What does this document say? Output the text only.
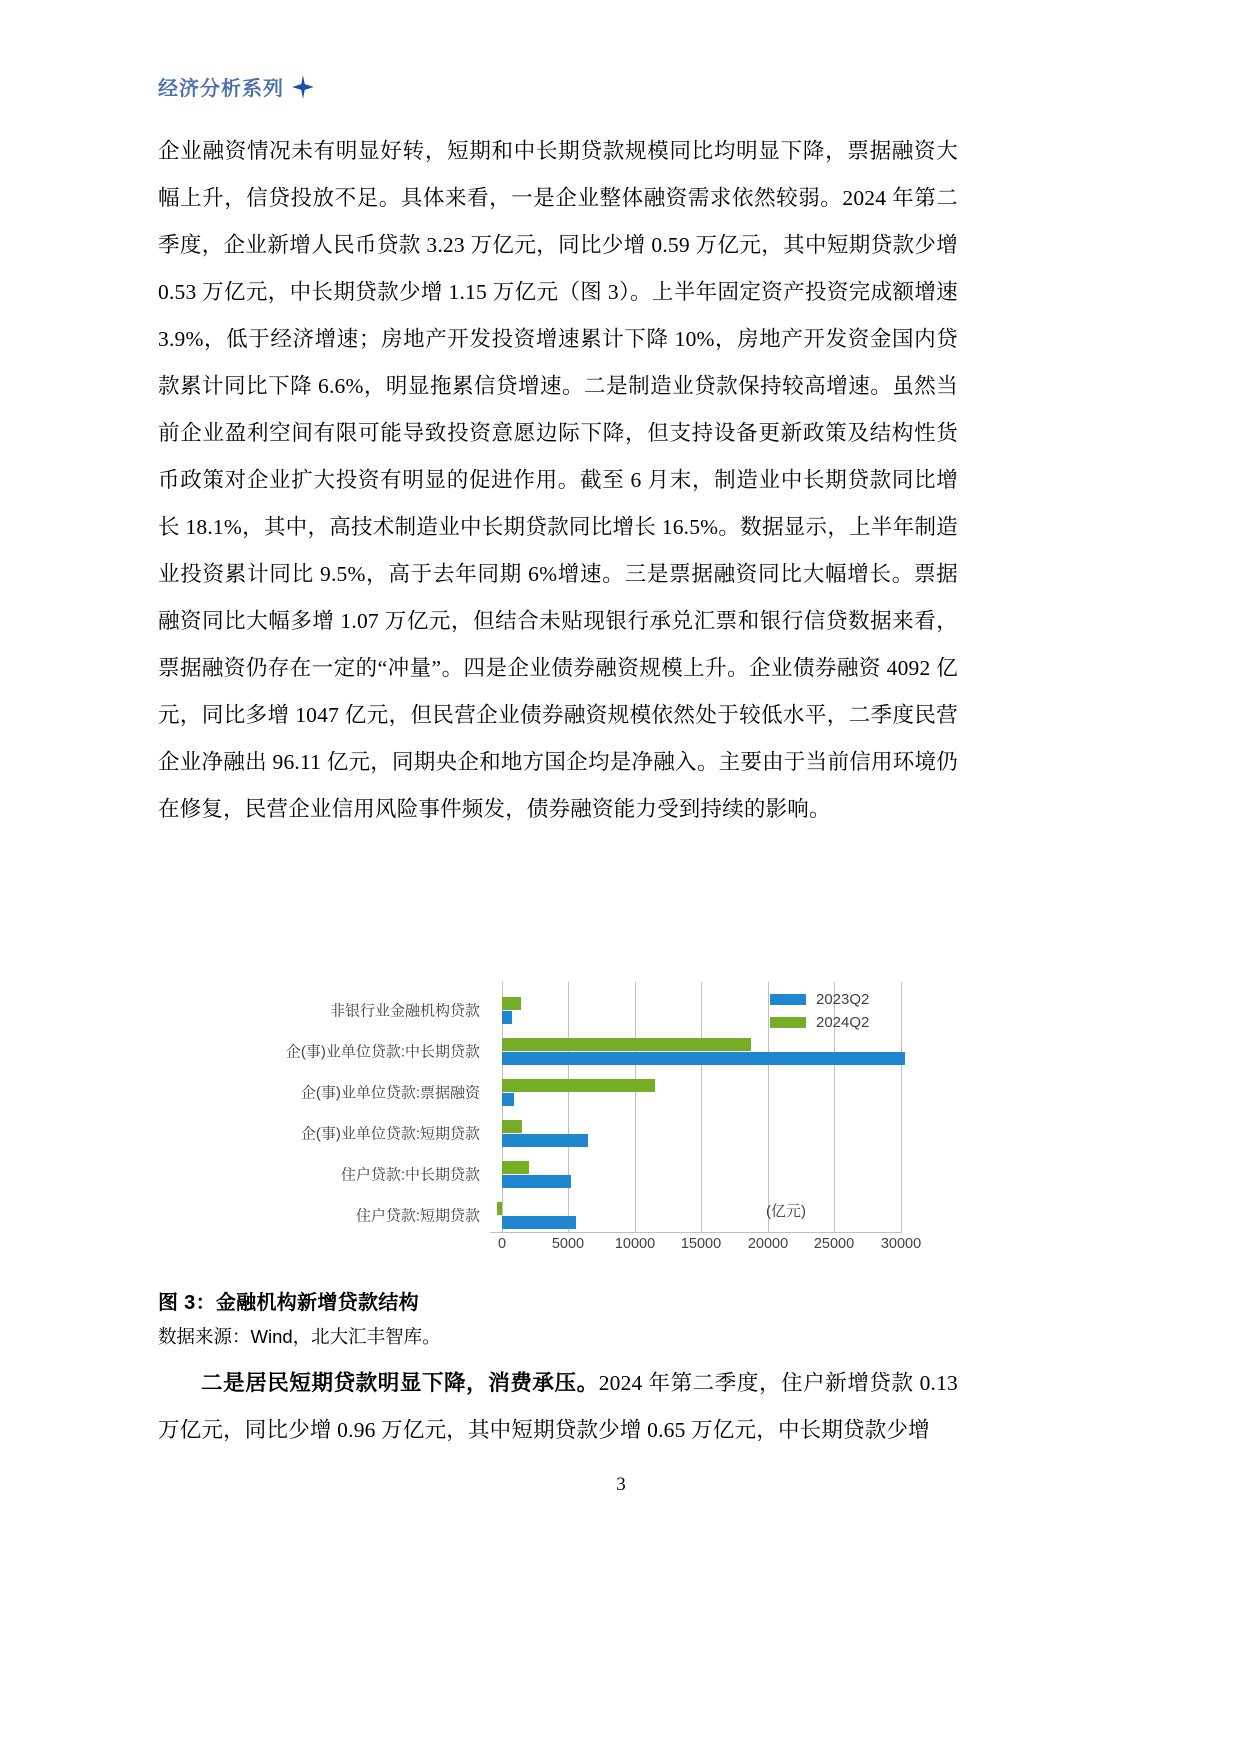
经济分析系列

企业融资情况未有明显好转，短期和中长期贷款规模同比均明显下降，票据融资大幅上升，信贷投放不足。具体来看，一是企业整体融资需求依然较弱。2024 年第二季度，企业新增人民币贷款 3.23 万亿元，同比少增 0.59 万亿元，其中短期贷款少增 0.53 万亿元，中长期贷款少增 1.15 万亿元（图 3）。上半年固定资产投资完成额增速 3.9%，低于经济增速；房地产开发投资增速累计下降 10%，房地产开发资金国内贷款累计同比下降 6.6%，明显拖累信贷增速。二是制造业贷款保持较高增速。虽然当前企业盈利空间有限可能导致投资意愿边际下降，但支持设备更新政策及结构性货币政策对企业扩大投资有明显的促进作用。截至 6 月末，制造业中长期贷款同比增长 18.1%，其中，高技术制造业中长期贷款同比增长 16.5%。数据显示，上半年制造业投资累计同比 9.5%，高于去年同期 6%增速。三是票据融资同比大幅增长。票据融资同比大幅多增 1.07 万亿元，但结合未贴现银行承兑汇票和银行信贷数据来看，票据融资仍存在一定的“冲量”。四是企业债券融资规模上升。企业债券融资 4092 亿元，同比多增 1047 亿元，但民营企业债券融资规模依然处于较低水平，二季度民营企业净融出 96.11 亿元，同期央企和地方国企均是净融入。主要由于当前信用环境仍在修复，民营企业信用风险事件频发，债券融资能力受到持续的影响。

非银行业金融机构贷款
企(事)业单位贷款:中长期贷款
企(事)业单位贷款:票据融资
企(事)业单位贷款:短期贷款
住户贷款:中长期贷款
住户贷款:短期贷款
0	5000 10000 15000 20000 25000 30000
2023Q2
2024Q2
(亿元)

图 3：金融机构新增贷款结构

数据来源：Wind，北大汇丰智库。

二是居民短期贷款明显下降，消费承压。2024 年第二季度，住户新增贷款 0.13 万亿元，同比少增 0.96 万亿元，其中短期贷款少增 0.65 万亿元，中长期贷款少增

3
